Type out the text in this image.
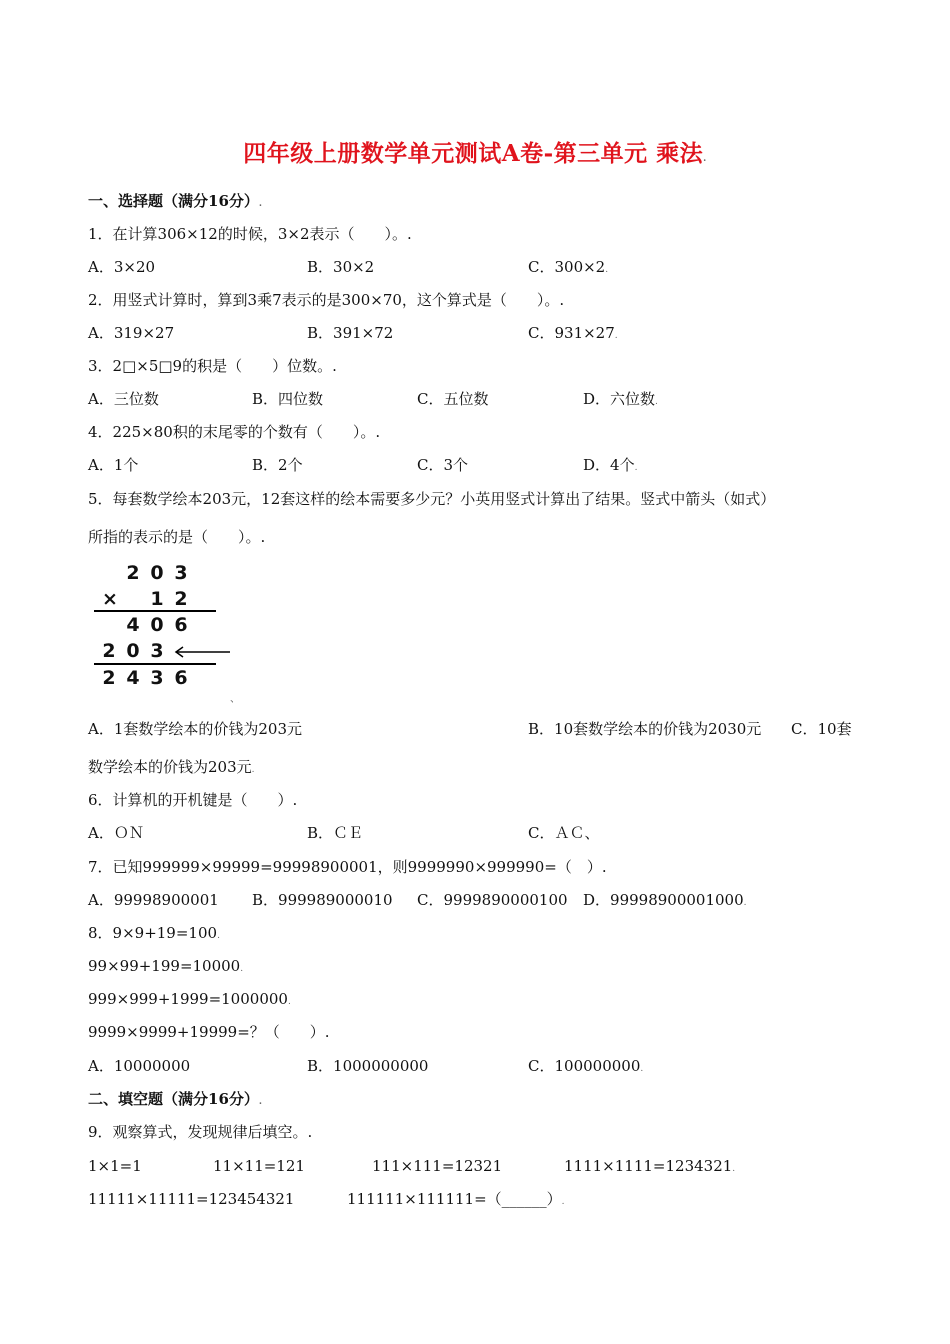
四年级上册数学单元测试A卷-第三单元 乘法.
一、选择题（满分16分）.
1．在计算306×12的时候，3×2表示（　　）。.
A．3×20	B．30×2	C．300×2.
2．用竖式计算时，算到3乘7表示的是300×70，这个算式是（　　）。.
A．319×27	B．391×72	C．931×27.
3．2□×5□9的积是（　　）位数。.
A．三位数	B．四位数	C．五位数	D．六位数.
4．225×80积的末尾零的个数有（　　）。.
A．1个	B．2个	C．3个	D．4个.
5．每套数学绘本203元，12套这样的绘本需要多少元？小英用竖式计算出了结果。竖式中箭头（如式）
所指的表示的是（　　）。.
2 0 3
× 1 2
4 0 6
2 0 3
2 4 3 6
、
A．1套数学绘本的价钱为203元	B．10套数学绘本的价钱为2030元 C．10套
数学绘本的价钱为203元.
6．计算机的开机键是（　　）.
A．ＯＮ	B．ＣＥ	C．ＡＣ、
7．已知999999×99999=99998900001，则9999990×999990=（　）.
A．99998900001 B．999989000010 C．9999890000100 D．99998900001000.
8．9×9+19=100.
99×99+199=10000.
999×999+1999=1000000.
9999×9999+19999=？（　　）.
A．10000000	B．1000000000	C．100000000.
二、填空题（满分16分）.
9．观察算式，发现规律后填空。.
1×1=1	11×11=121	111×111=12321	1111×1111=1234321.
11111×11111=123454321	111111×111111=（______）.
